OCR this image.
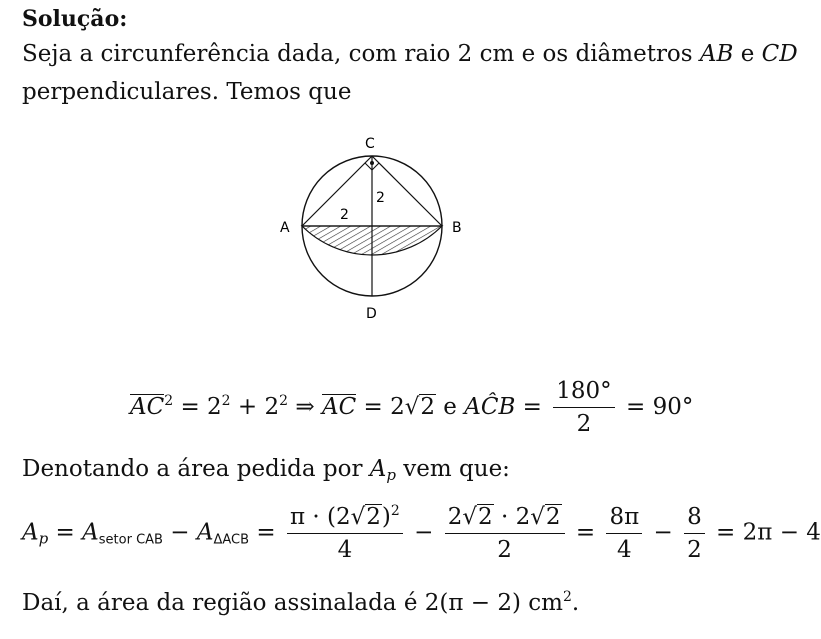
Solução:
Seja a circunferência dada, com raio 2 cm e os diâmetros AB e CD
perpendiculares. Temos que
C
A	B
D
2
2
$AC^2 = 2^2 + 2^2$ ⇒ AC = 2√2 e AĈB = $\frac{180^\circ}{2} = 90^\circ$
Denotando a área pedida por $A_p$ vem que:
$A_p = A_{setor CAB} - A_{\Delta ACB} = \frac{\pi \cdot (2√2)^2}{4} - \frac{2√2 \cdot 2√2}{2} = \frac{8\pi}{4} - \frac{8}{2} = 2\pi - 4$
Daí, a área da região assinalada é 2(π − 2) $cm^2$.
